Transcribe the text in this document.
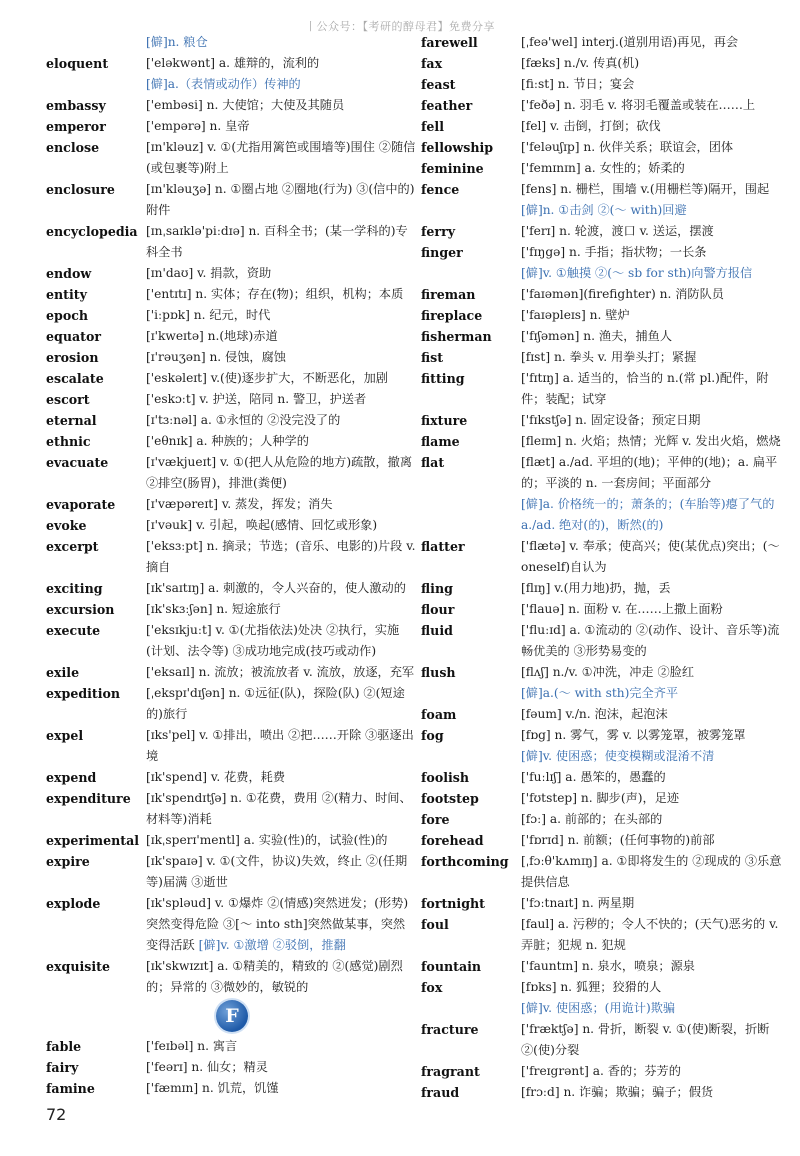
丨公众号：【考研的醇母君】免费分享
[僻]n. 粮仓
eloquent	['eləkwənt] a. 雄辩的，流利的
[僻]a.（表情或动作）传神的
embassy	['embəsi] n. 大使馆；大使及其随员
emperor	['empərə] n. 皇帝
enclose	[ɪn'kləuz] v. ①(尤指用篱笆或围墙等)围住 ②随信(或包裹等)附上
enclosure	[ɪn'kləuʒə] n. ①圈占地 ②圈地(行为) ③(信中的)附件
encyclopedia [ɪnˌsaɪklə'piːdɪə] n. 百科全书；(某一学科的)专科全书
endow	[ɪn'daʊ] v. 捐款，资助
entity	['entɪtɪ] n. 实体；存在(物)；组织，机构；本质
epoch	['iːpɒk] n. 纪元，时代
equator	[ɪ'kweɪtə] n.(地球)赤道
erosion	[ɪ'rəuʒən] n. 侵蚀，腐蚀
escalate	['eskəleɪt] v.(使)逐步扩大，不断恶化，加剧
escort	['eskɔːt] v. 护送，陪同 n. 警卫，护送者
eternal	[ɪ'tɜːnəl] a. ①永恒的 ②没完没了的
ethnic	['eθnɪk] a. 种族的；人种学的
evacuate	[ɪ'vækjueɪt] v. ①(把人从危险的地方)疏散，撤离 ②排空(肠胃)，排泄(粪便)
evaporate	[ɪ'væpəreɪt] v. 蒸发，挥发；消失
evoke	[ɪ'vəuk] v. 引起，唤起(感情、回忆或形象)
excerpt	['eksɜːpt] n. 摘录；节选；(音乐、电影的)片段 v. 摘自
exciting	[ɪk'saɪtɪŋ] a. 刺激的，令人兴奋的，使人激动的
excursion	[ɪk'skɜːʃən] n. 短途旅行
execute	['eksɪkjuːt] v. ①(尤指依法)处决 ②执行，实施(计划、法令等) ③成功地完成(技巧或动作)
exile	['eksaɪl] n. 流放；被流放者 v. 流放，放逐，充军
expedition	[ˌekspɪ'dɪʃən] n. ①远征(队)，探险(队) ②(短途的)旅行
expel	[ɪks'pel] v. ①排出，喷出 ②把……开除 ③驱逐出境
expend	[ɪk'spend] v. 花费，耗费
expenditure	[ɪk'spendɪtʃə] n. ①花费，费用 ②(精力、时间、材料等)消耗
experimental [ɪkˌsperɪ'mentl] a. 实验(性)的，试验(性)的
expire	[ɪk'spaɪə] v. ①(文件，协议)失效，终止 ②(任期等)届满 ③逝世
explode	[ɪk'spləud] v. ①爆炸 ②(情感)突然迸发；(形势)突然变得危险 ③[～ into sth]突然做某事，突然变得活跃 [僻]v. ①激增 ②驳倒，推翻
exquisite	[ɪk'skwɪzɪt] a. ①精美的，精致的 ②(感觉)剧烈的；异常的 ③微妙的，敏锐的
F
fable	['feɪbəl] n. 寓言
fairy	['feərɪ] n. 仙女；精灵
famine	['fæmɪn] n. 饥荒，饥馑
farewell	[ˌfeə'wel] interj.(道别用语)再见，再会
fax	[fæks] n./v. 传真(机)
feast	[fiːst] n. 节日；宴会
feather	['feðə] n. 羽毛 v. 将羽毛覆盖或装在……上
fell	[fel] v. 击倒，打倒；砍伐
fellowship	['feləuʃɪp] n. 伙伴关系；联谊会，团体
feminine	['femɪnɪn] a. 女性的；娇柔的
fence	[fens] n. 栅栏，围墙 v.(用栅栏等)隔开，围起
[僻]n. ①击剑 ②(～ with)回避
ferry	['ferɪ] n. 轮渡，渡口 v. 送运，摆渡
finger	['fɪŋgə] n. 手指；指状物；一长条
[僻]v. ①触摸 ②(～ sb for sth)向警方报信
fireman	['faɪəmən](firefighter) n. 消防队员
fireplace	['faɪəpleɪs] n. 壁炉
fisherman	['fɪʃəmən] n. 渔夫，捕鱼人
fist	[fɪst] n. 拳头 v. 用拳头打；紧握
fitting	['fɪtɪŋ] a. 适当的，恰当的 n.(常 pl.)配件，附件；装配；试穿
fixture	['fɪkstʃə] n. 固定设备；预定日期
flame	[fleɪm] n. 火焰；热情；光辉 v. 发出火焰，燃烧
flat	[flæt] a./ad. 平坦的(地)；平伸的(地)；a. 扁平的；平淡的 n. 一套房间；平面部分
[僻]a. 价格统一的；萧条的；(车胎等)瘪了气的 a./ad. 绝对(的)，断然(的)
flatter	['flætə] v. 奉承；使高兴；使(某优点)突出；(～oneself)自认为
fling	[flɪŋ] v.(用力地)扔，抛，丢
flour	['flauə] n. 面粉 v. 在……上撒上面粉
fluid	['fluːɪd] a. ①流动的 ②(动作、设计、音乐等)流畅优美的 ③形势易变的
flush	[flʌʃ] n./v. ①冲洗，冲走 ②脸红
[僻]a.(～ with sth)完全齐平
foam	[fəum] v./n. 泡沫，起泡沫
fog	[fɒg] n. 雾气，雾 v. 以雾笼罩，被雾笼罩
[僻]v. 使困惑；使变模糊或混淆不清
foolish	['fuːlɪʃ] a. 愚笨的，愚蠢的
footstep	['fʊtstep] n. 脚步(声)，足迹
fore	[fɔː] a. 前部的；在头部的
forehead	['fɒrɪd] n. 前额；(任何事物的)前部
forthcoming	[ˌfɔːθ'kʌmɪŋ] a. ①即将发生的 ②现成的 ③乐意提供信息
fortnight	['fɔːtnaɪt] n. 两星期
foul	[faul] a. 污秽的；令人不快的；(天气)恶劣的 v. 弄脏；犯规 n. 犯规
fountain	['fauntɪn] n. 泉水，喷泉；源泉
fox	[fɒks] n. 狐狸；狡猾的人
[僻]v. 使困惑；(用诡计)欺骗
fracture	['fræktʃə] n. 骨折，断裂 v. ①(使)断裂，折断 ②(使)分裂
fragrant	['freɪgrənt] a. 香的；芬芳的
fraud	[frɔːd] n. 诈骗；欺骗；骗子；假货
72
